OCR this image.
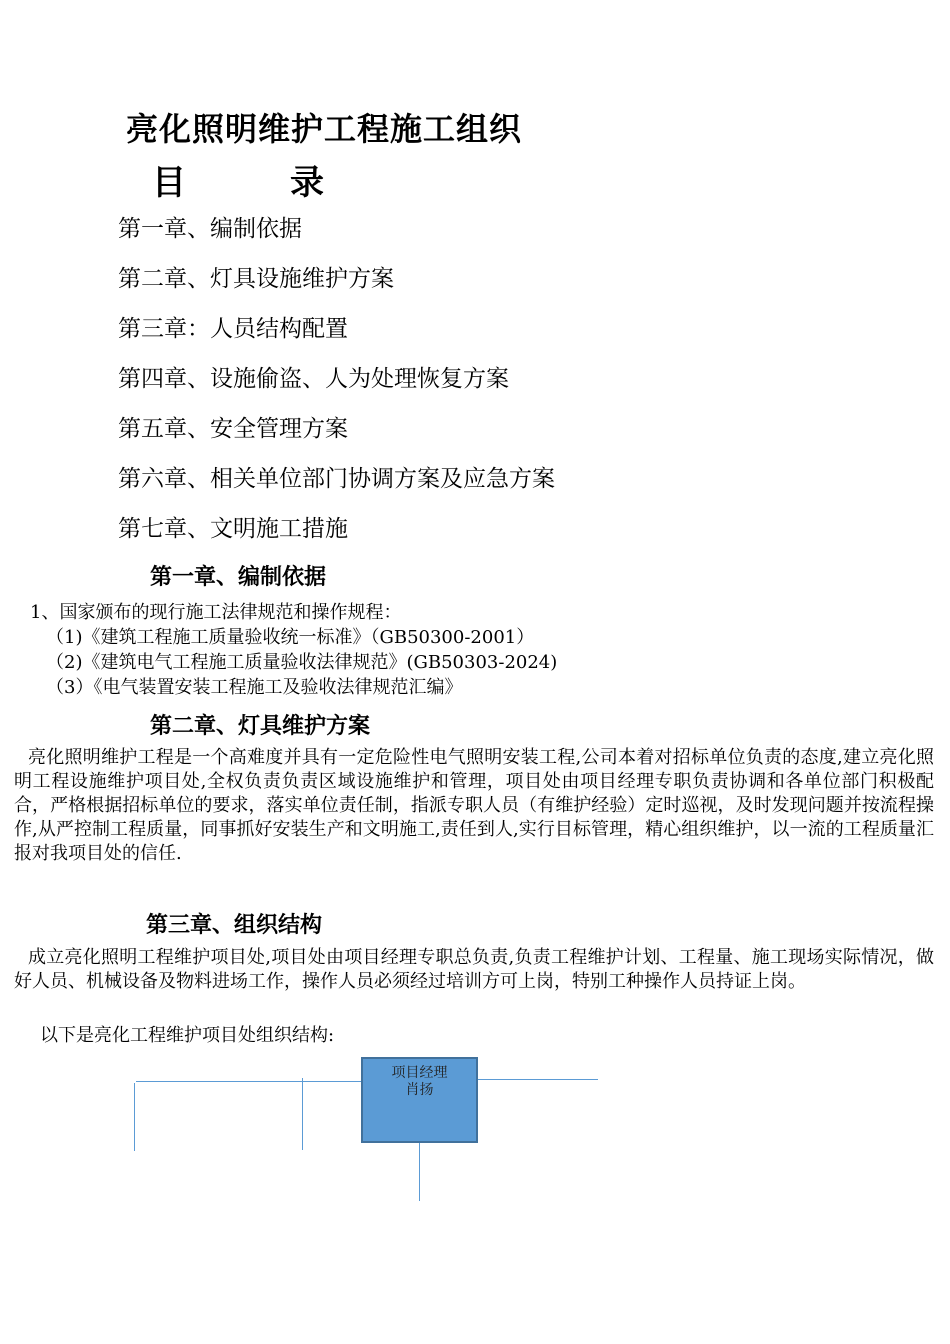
亮化照明维护工程施工组织
目	录
第一章、编制依据
第二章、灯具设施维护方案
第三章：人员结构配置
第四章、设施偷盗、人为处理恢复方案
第五章、安全管理方案
第六章、相关单位部门协调方案及应急方案
第七章、文明施工措施
第一章、编制依据
1、国家颁布的现行施工法律规范和操作规程：
（1)《建筑工程施工质量验收统一标准》（GB50300-2001）
（2)《建筑电气工程施工质量验收法律规范》(GB50303-2024)
（3）《电气装置安装工程施工及验收法律规范汇编》
第二章、灯具维护方案
亮化照明维护工程是一个高难度并具有一定危险性电气照明安装工程,公司本着对招标单位负责的态度,建立亮化照明工程设施维护项目处,全权负责负责区域设施维护和管理，项目处由项目经理专职负责协调和各单位部门积极配合，严格根据招标单位的要求，落实单位责任制，指派专职人员（有维护经验）定时巡视，及时发现问题并按流程操作,从严控制工程质量，同事抓好安装生产和文明施工,责任到人,实行目标管理，精心组织维护，以一流的工程质量汇报对我项目处的信任.
第三章、组织结构
成立亮化照明工程维护项目处,项目处由项目经理专职总负责,负责工程维护计划、工程量、施工现场实际情况，做好人员、机械设备及物料进场工作，操作人员必须经过培训方可上岗，特别工种操作人员持证上岗。
以下是亮化工程维护项目处组织结构:
项目经理
肖扬
